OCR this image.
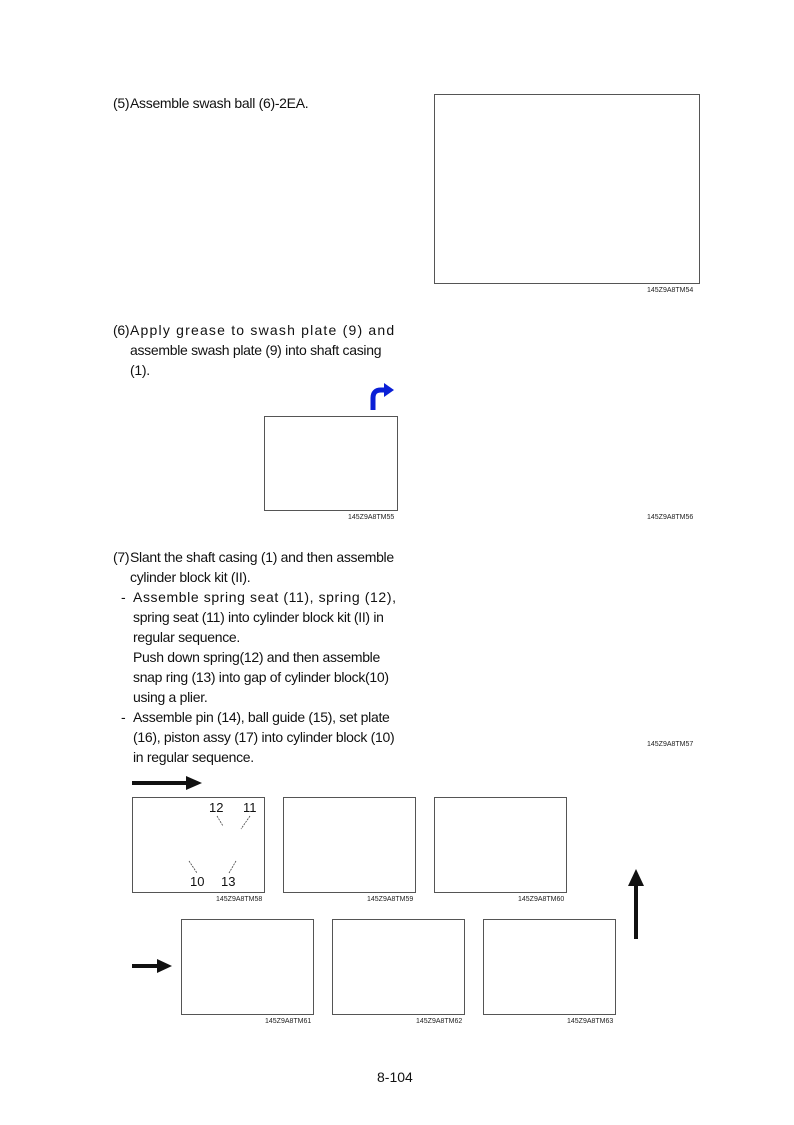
(5) Assemble swash ball (6)-2EA.
145Z9A8TM54
(6) Apply grease to swash plate (9) and
assemble swash plate (9) into shaft casing
(1).
145Z9A8TM55	145Z9A8TM56
(7) Slant the shaft casing (1) and then assemble
cylinder block kit (II).
- Assemble spring seat (11), spring (12),
spring seat (11) into cylinder block kit (II) in
regular sequence.
Push down spring(12) and then assemble
snap ring (13) into gap of cylinder block(10)
using a plier.
- Assemble pin (14), ball guide (15), set plate
(16), piston assy (17) into cylinder block (10)
in regular sequence.
145Z9A8TM57
12 11
10 13
145Z9A8TM58	145Z9A8TM59	145Z9A8TM60
145Z9A8TM61	145Z9A8TM62	145Z9A8TM63
8-104
